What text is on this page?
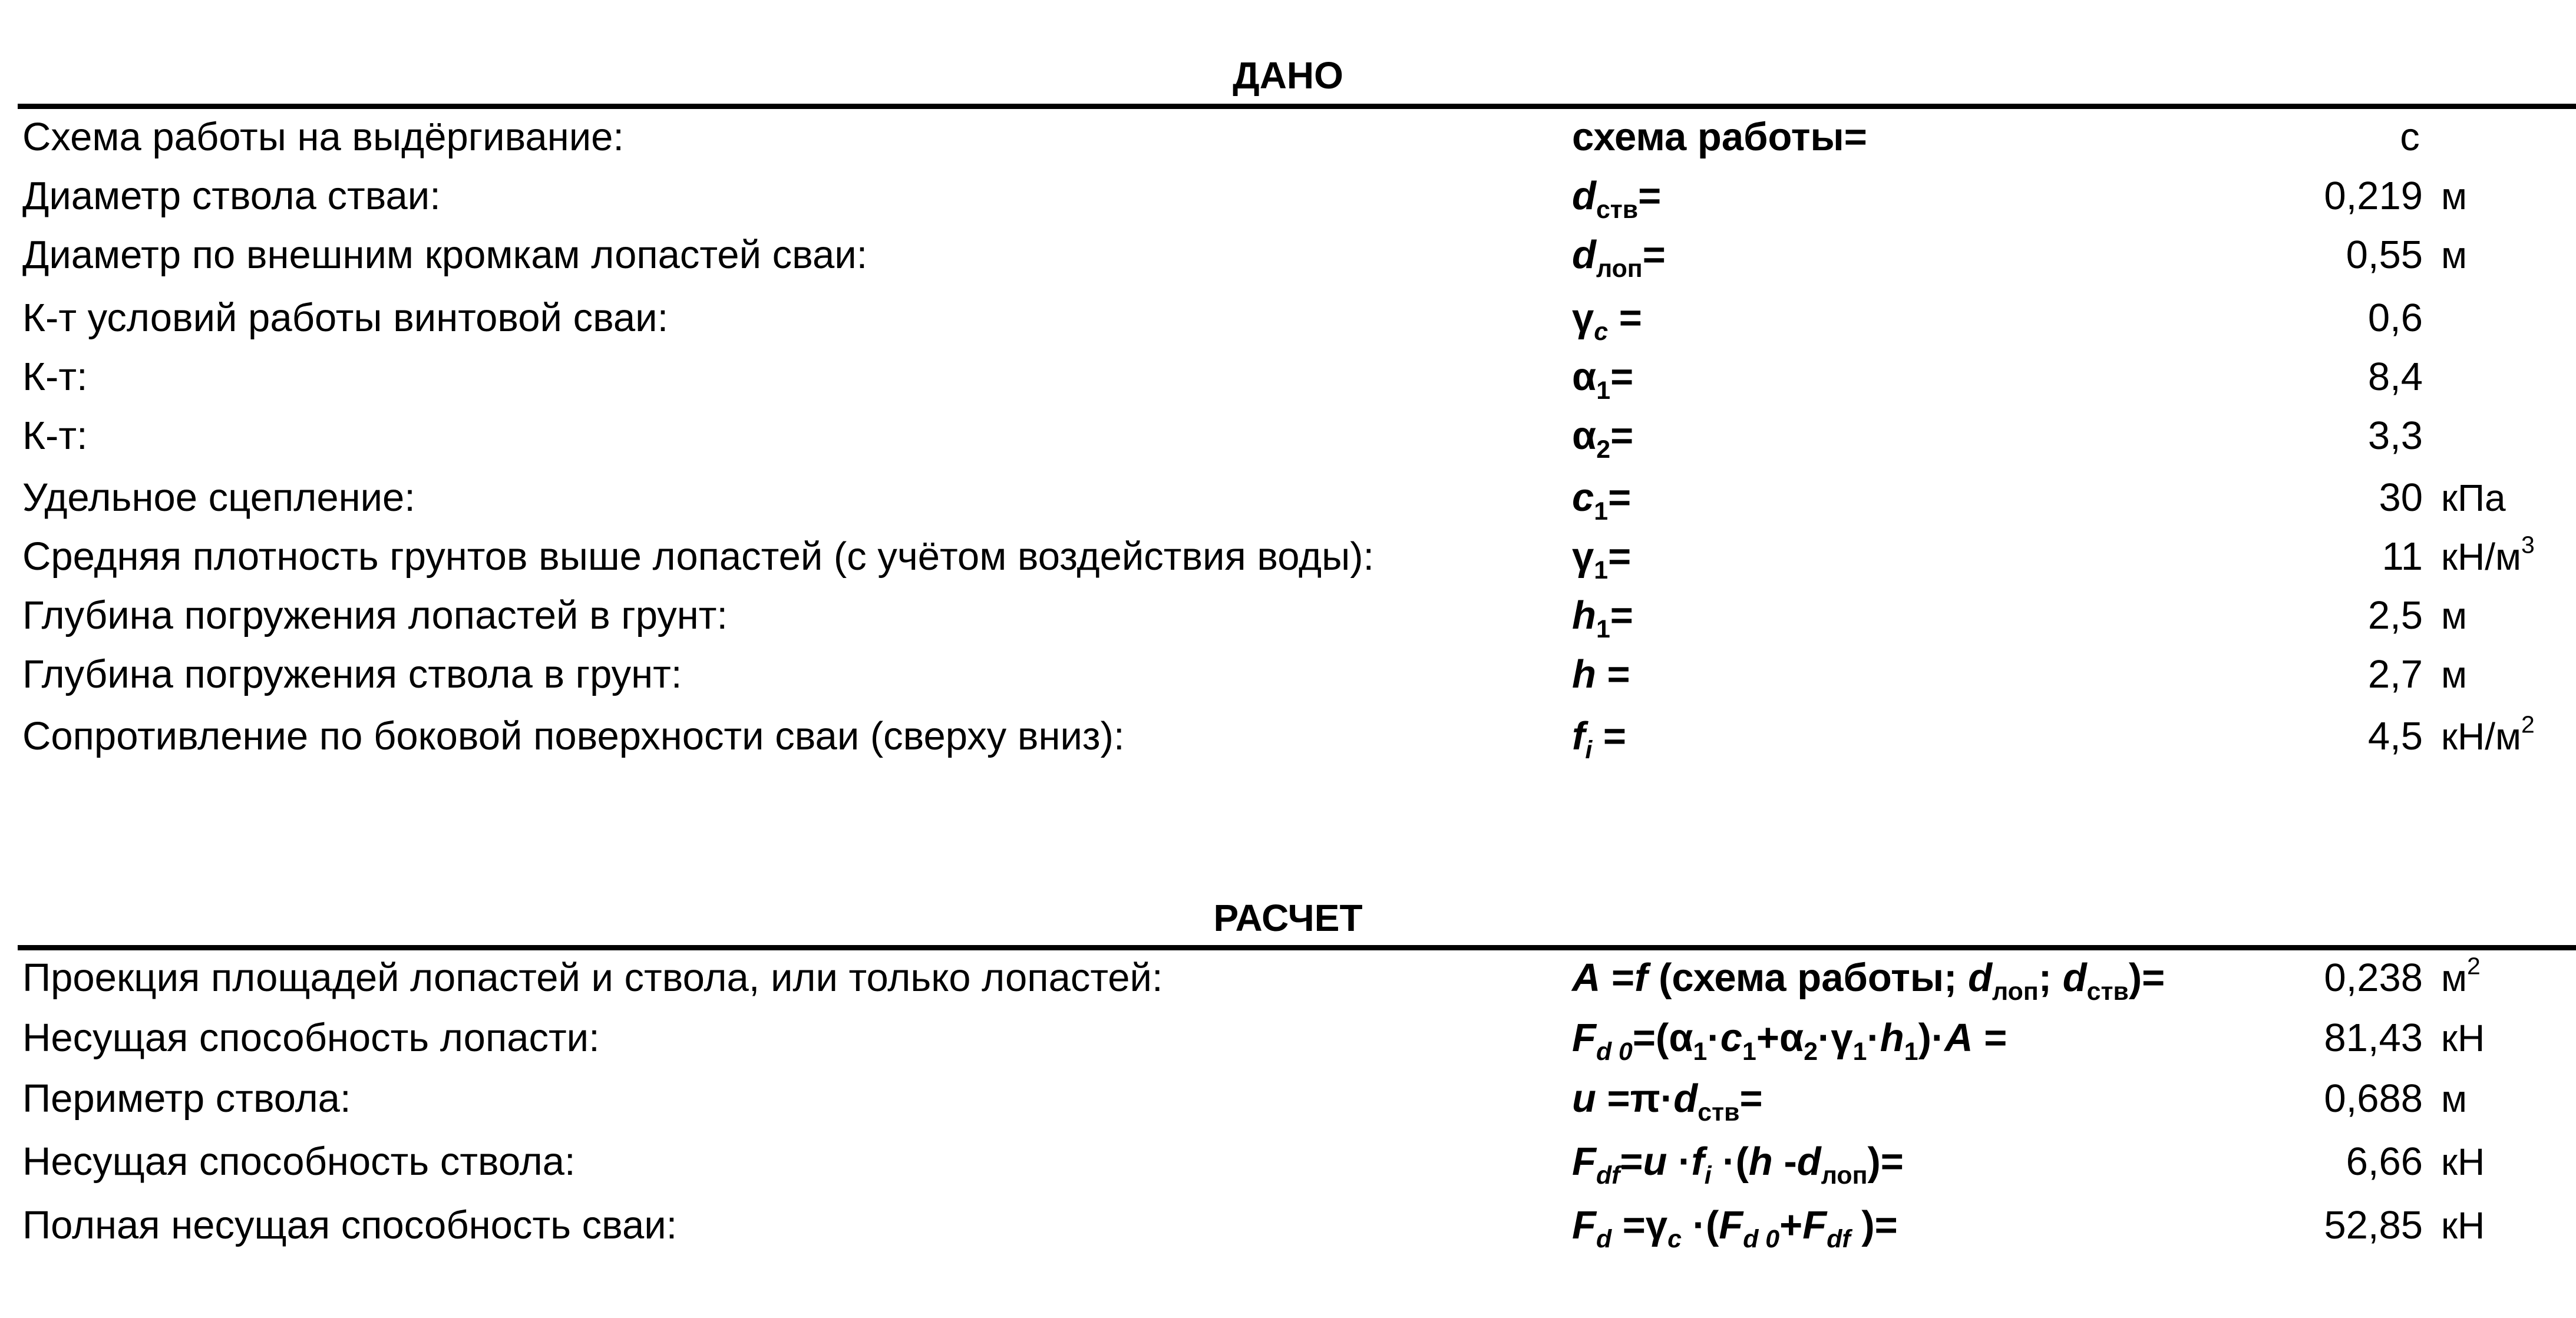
ДАНО
Схема работы на выдёргивание:	схема работы=	с
Диаметр ствола стваи:	$d_{ств}=$	0,219 м
Диаметр по внешним кромкам лопастей сваи:	$d_{лоп}=$	0,55 м
К-т условий работы винтовой сваи:	$\gamma_c$ =	0,6
К-т:	$\alpha_1=$	8,4
К-т:	$\alpha_2=$	3,3
Удельное сцепление:	$c_1=$	30 кПа
Средняя плотность грунтов выше лопастей (с учётом воздействия воды):	$\gamma_1=$	11 $кН/м^3$
Глубина погружения лопастей в грунт:	$h_1=$	2,5 м
Глубина погружения ствола в грунт:	h =	2,7 м
Сопротивление по боковой поверхности сваи (сверху вниз):	$f_i$ =	4,5 $кН/м^2$
РАСЧЕТ
Проекция площадей лопастей и ствола, или только лопастей:	A =f (схема работы; $d_{лоп}$; $d_{ств})=$	0,238 $м^2$
Несущая способность лопасти:	$F_{d 0}=(\alpha_1\cdot c_1+\alpha_2\cdot\gamma_1\cdot h_1)\cdot A$ =	81,43 кН
Периметр ствола:	$u =\pi\cdot d_{ств}=$	0,688 м
Несущая способность ствола:	$F_{df}=u \cdot f_i \cdot(h$ $-d_{лоп})=$	6,66 кН
Полная несущая способность сваи:	$F_d =\gamma_c \cdot(F_{d 0}+F_{df}$ )=	52,85 кН
